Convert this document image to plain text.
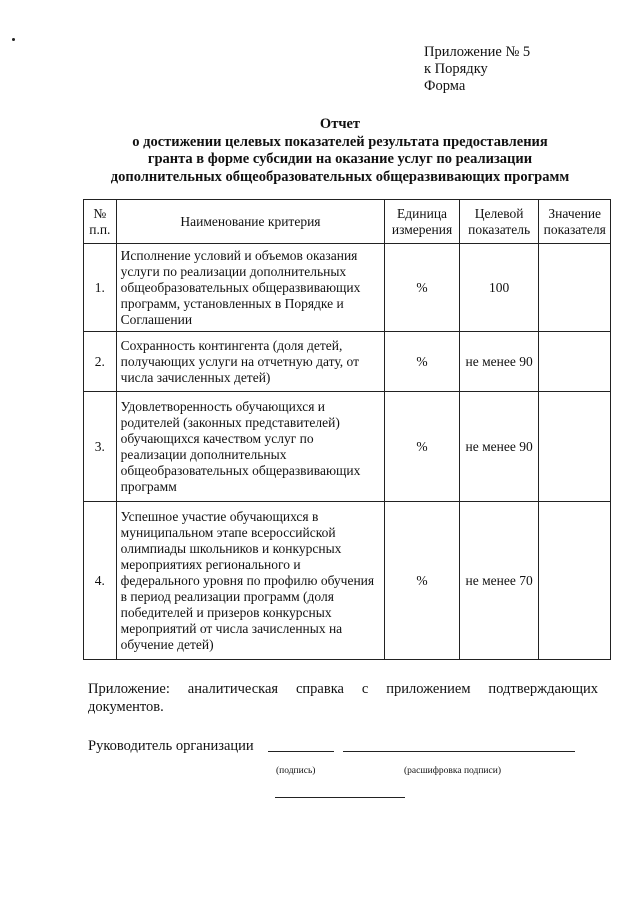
Приложение № 5
к Порядку
Форма
Отчет
о достижении целевых показателей результата предоставления
гранта в форме субсидии на оказание услуг по реализации
дополнительных общеобразовательных общеразвивающих программ
№ п.п.	Наименование критерия	Единица измерения	Целевой показатель	Значение показателя
1.	Исполнение условий и объемов оказания услуги по реализации дополнительных общеобразовательных общеразвивающих программ, установленных в Порядке и Соглашении	%	100	
2.	Сохранность контингента (доля детей, получающих услуги на отчетную дату, от числа зачисленных детей)	%	не менее 90	
3.	Удовлетворенность обучающихся и родителей (законных представителей) обучающихся качеством услуг по реализации дополнительных общеобразовательных общеразвивающих программ	%	не менее 90	
4.	Успешное участие обучающихся в муниципальном этапе всероссийской олимпиады школьников и конкурсных мероприятиях регионального и федерального уровня по профилю обучения в период реализации программ (доля победителей и призеров конкурсных мероприятий от числа зачисленных на обучение детей)	%	не менее 70	
Приложение: аналитическая справка с приложением подтверждающих документов.
Руководитель организации
(подпись)	(расшифровка подписи)
